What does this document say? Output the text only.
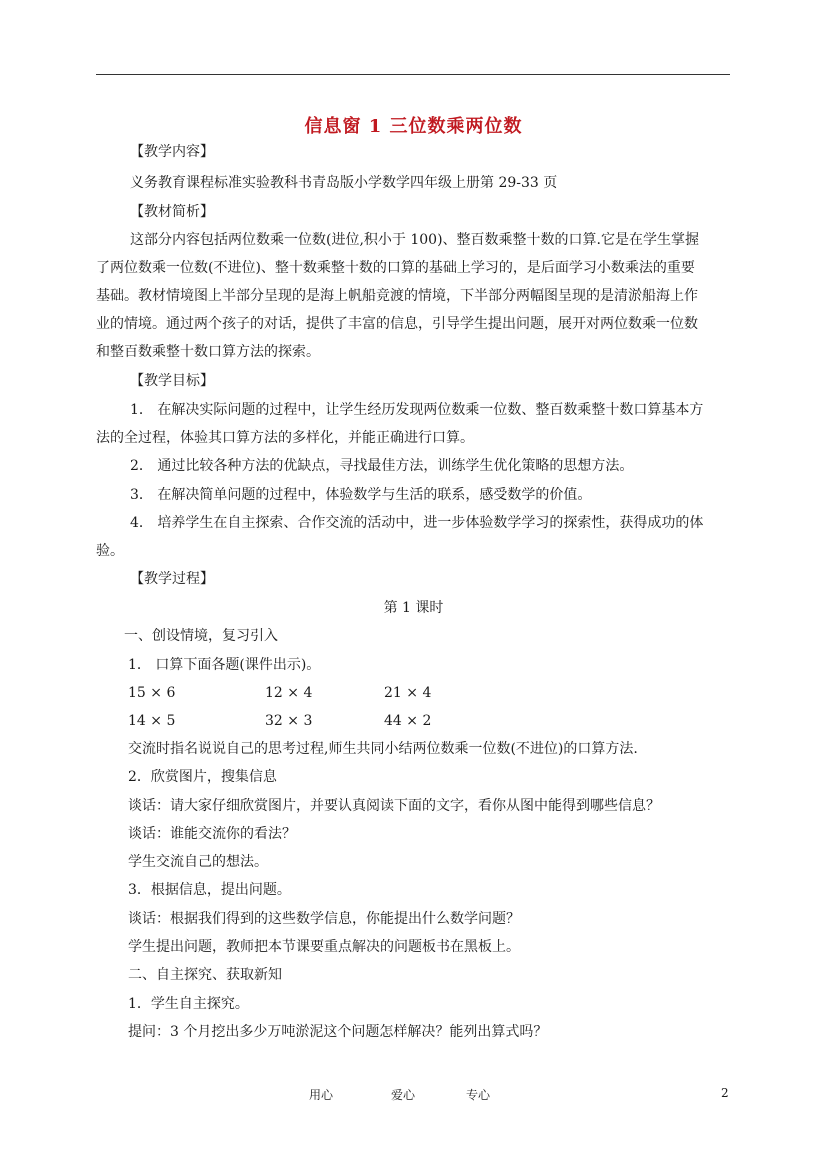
信息窗 1 三位数乘两位数
【教学内容】
义务教育课程标准实验教科书青岛版小学数学四年级上册第 29-33 页
【教材简析】
这部分内容包括两位数乘一位数(进位,积小于 100)、整百数乘整十数的口算.它是在学生掌握
了两位数乘一位数(不进位)、整十数乘整十数的口算的基础上学习的，是后面学习小数乘法的重要
基础。教材情境图上半部分呈现的是海上帆船竞渡的情境，下半部分两幅图呈现的是清淤船海上作
业的情境。通过两个孩子的对话，提供了丰富的信息，引导学生提出问题，展开对两位数乘一位数
和整百数乘整十数口算方法的探索。
【教学目标】
1． 在解决实际问题的过程中，让学生经历发现两位数乘一位数、整百数乘整十数口算基本方
法的全过程，体验其口算方法的多样化，并能正确进行口算。
2． 通过比较各种方法的优缺点，寻找最佳方法，训练学生优化策略的思想方法。
3． 在解决简单问题的过程中，体验数学与生活的联系，感受数学的价值。
4． 培养学生在自主探索、合作交流的活动中，进一步体验数学学习的探索性，获得成功的体
验。
【教学过程】
第 1 课时
一、创设情境，复习引入
1． 口算下面各题(课件出示)。
15 × 6	12 × 4	21 × 4
14 × 5	32 × 3	44 × 2
交流时指名说说自己的思考过程,师生共同小结两位数乘一位数(不进位)的口算方法.
2．欣赏图片，搜集信息
谈话：请大家仔细欣赏图片，并要认真阅读下面的文字，看你从图中能得到哪些信息？
谈话：谁能交流你的看法？
学生交流自己的想法。
3．根据信息，提出问题。
谈话：根据我们得到的这些数学信息，你能提出什么数学问题？
学生提出问题，教师把本节课要重点解决的问题板书在黑板上。
二、自主探究、获取新知
1．学生自主探究。
提问：3 个月挖出多少万吨淤泥这个问题怎样解决？能列出算式吗？
用心	爱心	专心	2
